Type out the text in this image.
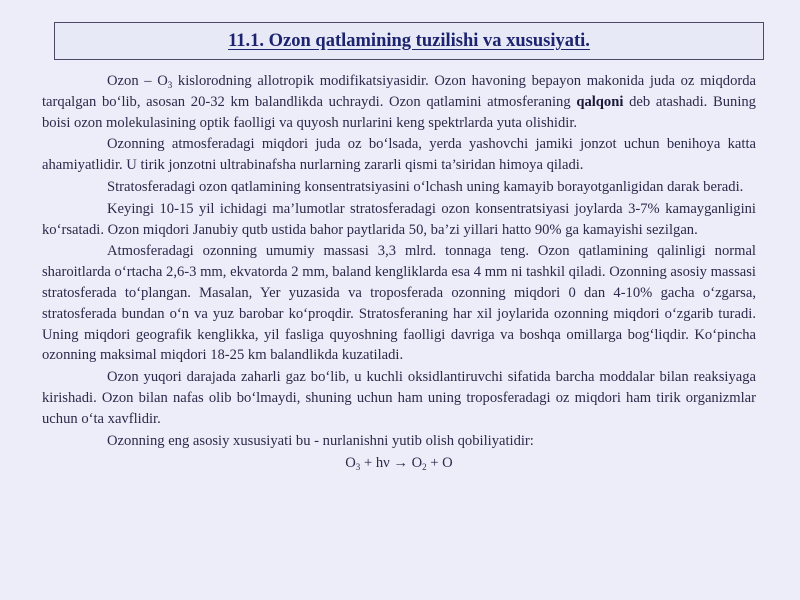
11.1. Ozon qatlamining tuzilishi va xususiyati.

Ozon – $O_3$ kislorodning allotropik modifikatsiyasidir. Ozon havoning bepayon makonida juda oz miqdorda tarqalgan bo‘lib, asosan 20-32 km balandlikda uchraydi. Ozon qatlamini atmosferaning qalqoni deb atashadi. Buning boisi ozon molekulasining optik faolligi va quyosh nurlarini keng spektrlarda yuta olishidir.

Ozonning atmosferadagi miqdori juda oz bo‘lsada, yerda yashovchi jamiki jonzot uchun benihoya katta ahamiyatlidir. U tirik jonzotni ultrabinafsha nurlarning zararli qismi ta’siridan himoya qiladi.

Stratosferadagi ozon qatlamining konsentratsiyasini o‘lchash uning kamayib borayotganligidan darak beradi.

Keyingi 10-15 yil ichidagi ma’lumotlar stratosferadagi ozon konsentratsiyasi joylarda 3-7% kamayganligini ko‘rsatadi. Ozon miqdori Janubiy qutb ustida bahor paytlarida 50, ba’zi yillari hatto 90% ga kamayishi sezilgan.

Atmosferadagi ozonning umumiy massasi 3,3 mlrd. tonnaga teng. Ozon qatlamining qalinligi normal sharoitlarda o‘rtacha 2,6-3 mm, ekvatorda 2 mm, baland kengliklarda esa 4 mm ni tashkil qiladi. Ozonning asosiy massasi stratosferada to‘plangan. Masalan, Yer yuzasida va troposferada ozonning miqdori 0 dan 4-10% gacha o‘zgarsa, stratosferada bundan o‘n va yuz barobar ko‘proqdir. Stratosferaning har xil joylarida ozonning miqdori o‘zgarib turadi. Uning miqdori geografik kenglikka, yil fasliga quyoshning faolligi davriga va boshqa omillarga bog‘liqdir. Ko‘pincha ozonning maksimal miqdori 18-25 km balandlikda kuzatiladi.

Ozon yuqori darajada zaharli gaz bo‘lib, u kuchli oksidlantiruvchi sifatida barcha moddalar bilan reaksiyaga kirishadi. Ozon bilan nafas olib bo‘lmaydi, shuning uchun ham uning troposferadagi oz miqdori ham tirik organizmlar uchun o‘ta xavflidir.

Ozonning eng asosiy xususiyati bu - nurlanishni yutib olish qobiliyatidir:

$O_3 + h\nu \to O_2 + O$
